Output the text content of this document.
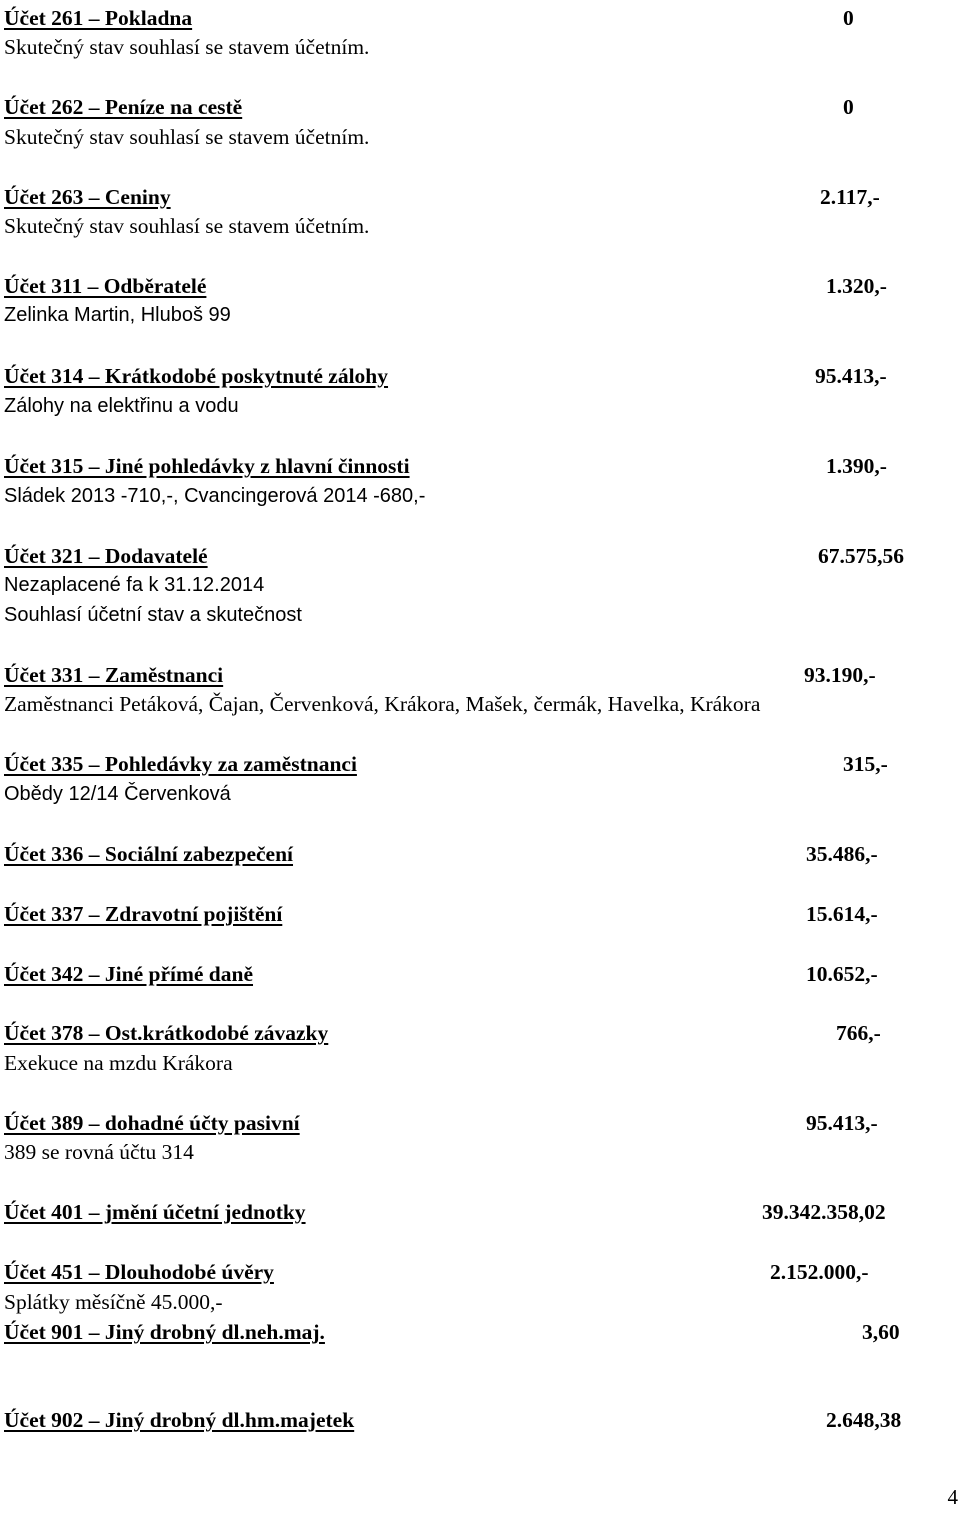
Účet 261 – Pokladna	0
Skutečný stav souhlasí se stavem účetním.
Účet 262 – Peníze na cestě	0
Skutečný stav souhlasí se stavem účetním.
Účet 263 – Ceniny	2.117,-
Skutečný stav souhlasí se stavem účetním.
Účet 311 – Odběratelé	1.320,-
Zelinka Martin, Hluboš 99
Účet 314 – Krátkodobé poskytnuté zálohy	95.413,-
Zálohy na elektřinu a vodu
Účet 315 – Jiné pohledávky z hlavní činnosti	1.390,-
Sládek 2013 -710,-, Cvancingerová 2014 -680,-
Účet 321 – Dodavatelé	67.575,56
Nezaplacené fa k 31.12.2014
Souhlasí účetní stav a skutečnost
Účet 331 – Zaměstnanci	93.190,-
Zaměstnanci Petáková, Čajan, Červenková, Krákora, Mašek, čermák, Havelka, Krákora
Účet 335 – Pohledávky za zaměstnanci	315,-
Obědy 12/14 Červenková
Účet 336 – Sociální zabezpečení	35.486,-
Účet 337 – Zdravotní pojištění	15.614,-
Účet 342 – Jiné přímé daně	10.652,-
Účet 378 – Ost.krátkodobé závazky	766,-
Exekuce na mzdu Krákora
Účet 389 – dohadné účty pasivní	95.413,-
389 se rovná účtu 314
Účet 401 – jmění účetní jednotky	39.342.358,02
Účet 451 – Dlouhodobé úvěry	2.152.000,-
Splátky měsíčně 45.000,-
Účet 901 – Jiný drobný dl.neh.maj.	3,60
Účet 902 – Jiný drobný dl.hm.majetek	2.648,38
4
